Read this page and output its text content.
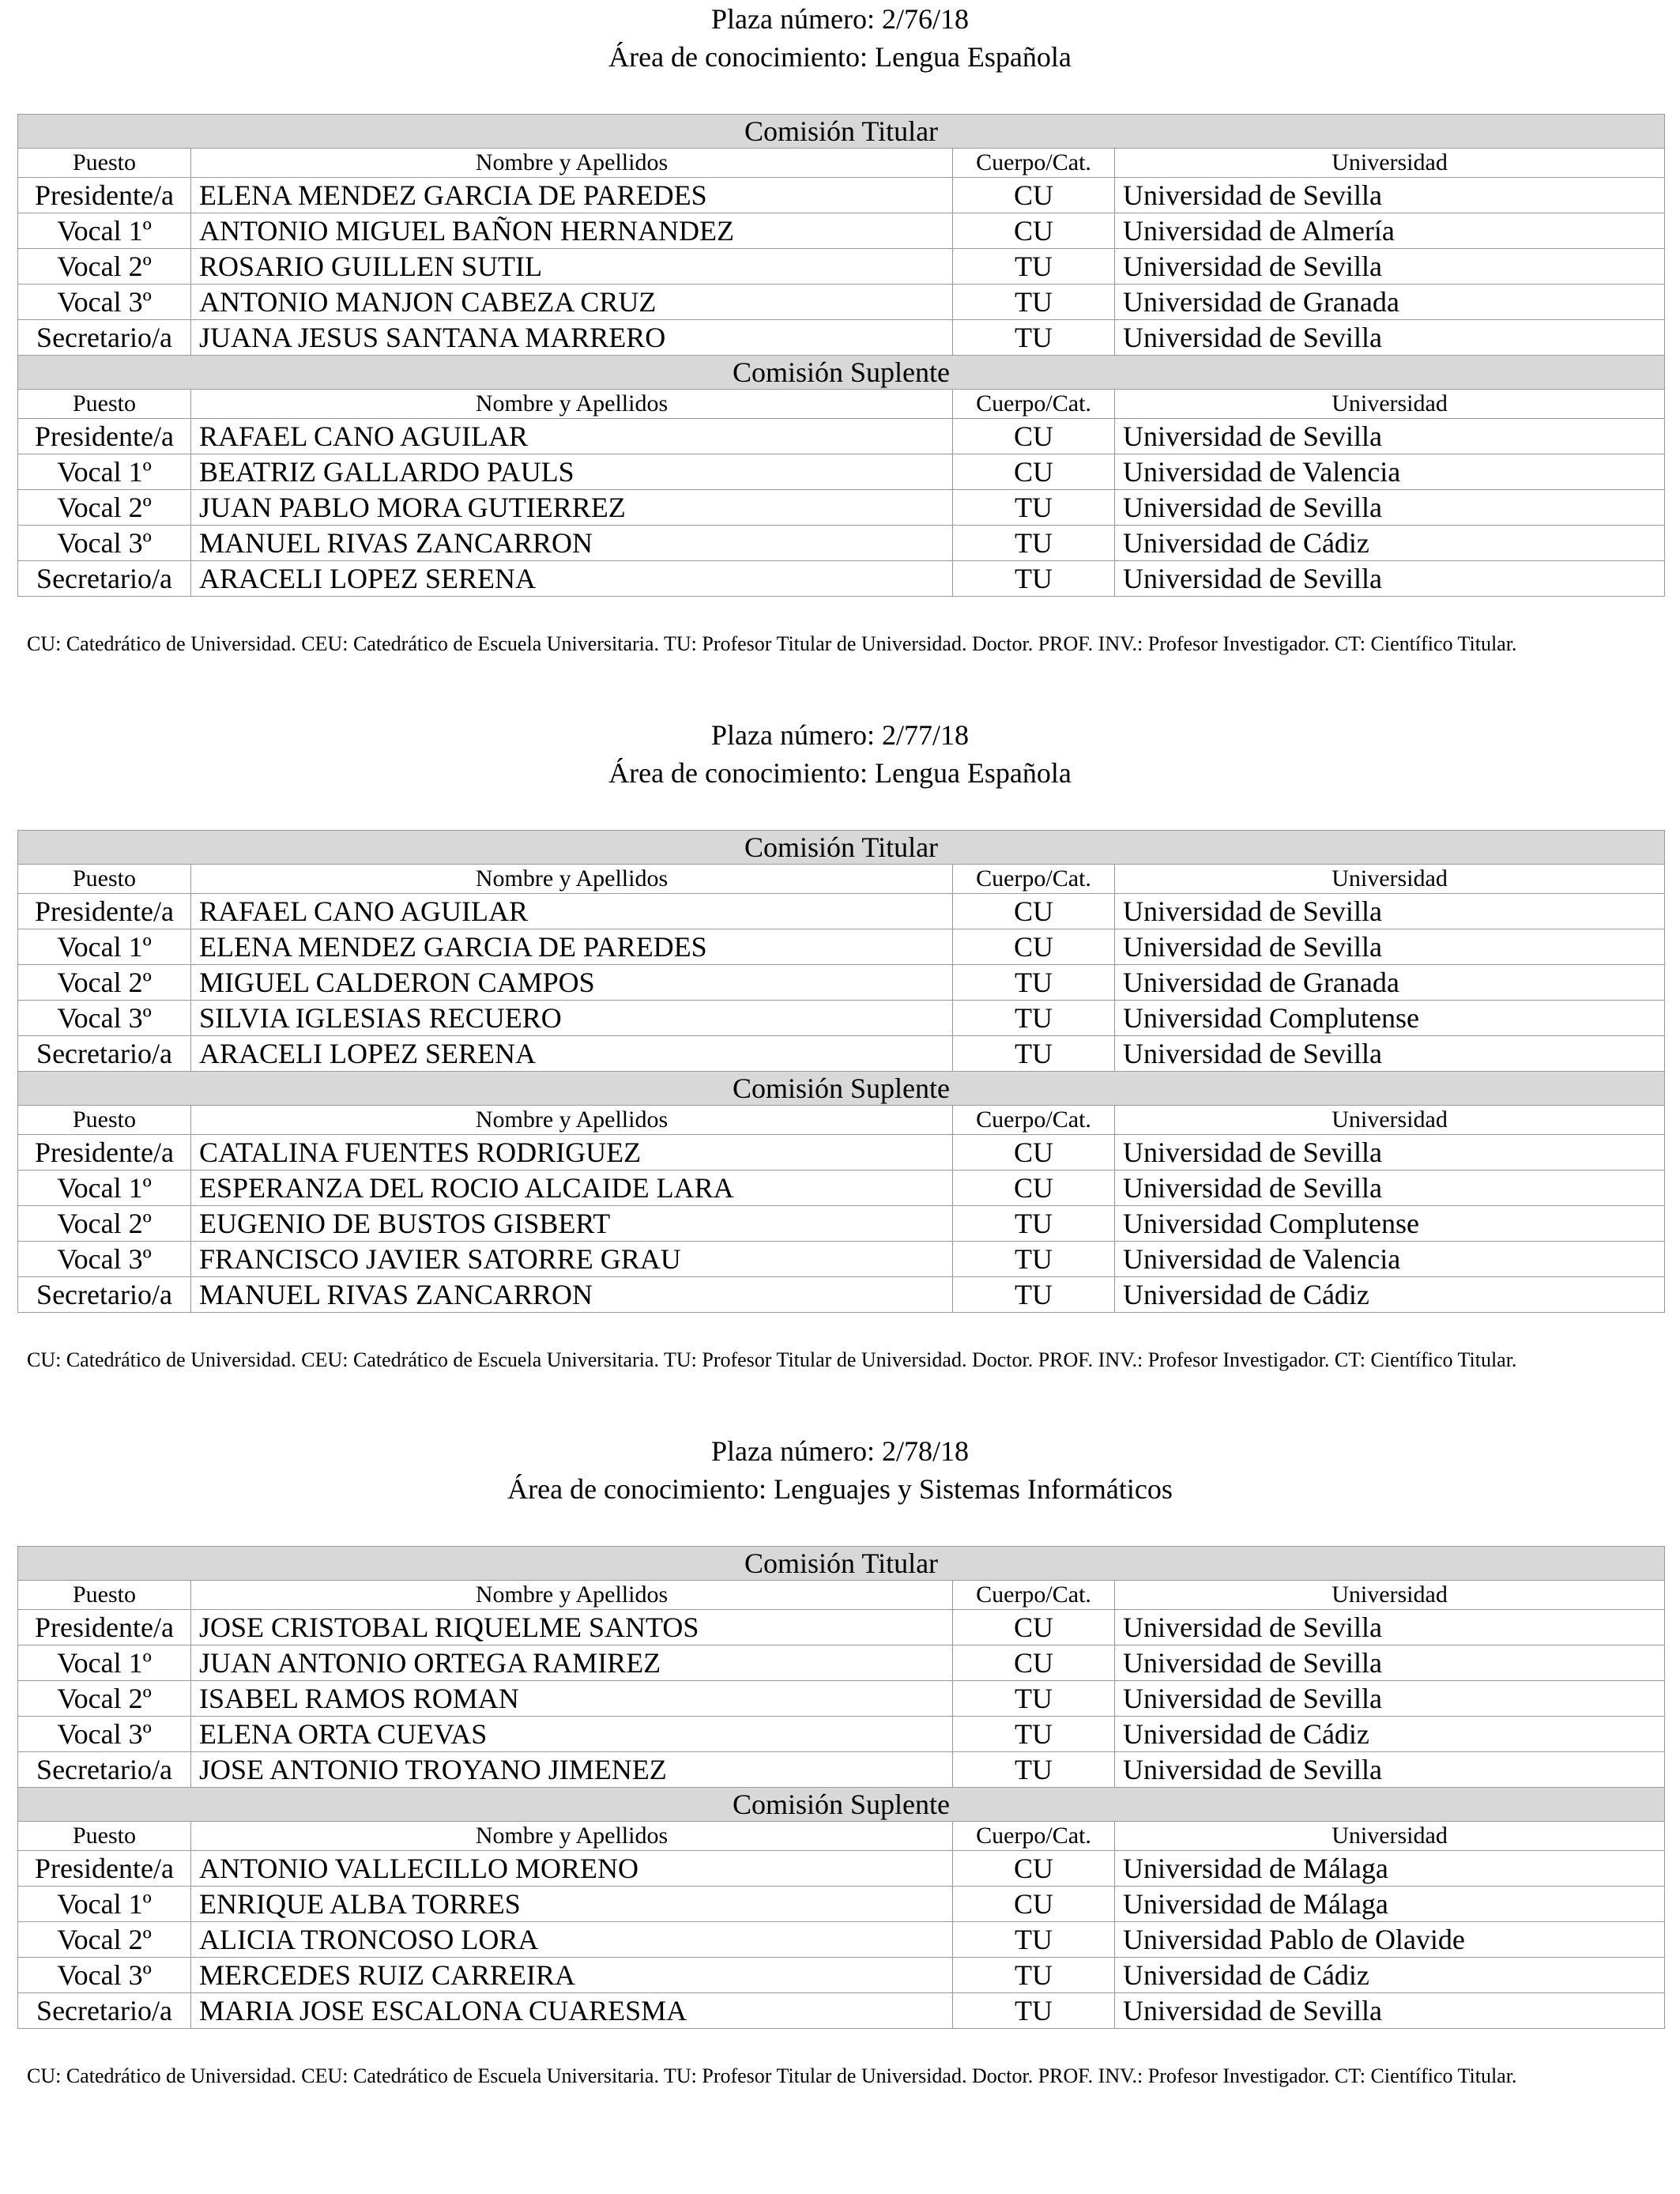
Plaza número: 2/76/18
Área de conocimiento: Lengua Española
Comisión Titular			
Puesto	Nombre y Apellidos	Cuerpo/Cat.	Universidad
Presidente/a	ELENA MENDEZ GARCIA DE PAREDES	CU	Universidad de Sevilla
Vocal 1º	ANTONIO MIGUEL BAÑON HERNANDEZ	CU	Universidad de Almería
Vocal 2º	ROSARIO GUILLEN SUTIL	TU	Universidad de Sevilla
Vocal 3º	ANTONIO MANJON CABEZA CRUZ	TU	Universidad de Granada
Secretario/a	JUANA JESUS SANTANA MARRERO	TU	Universidad de Sevilla
Comisión Suplente			
Puesto	Nombre y Apellidos	Cuerpo/Cat.	Universidad
Presidente/a	RAFAEL CANO AGUILAR	CU	Universidad de Sevilla
Vocal 1º	BEATRIZ GALLARDO PAULS	CU	Universidad de Valencia
Vocal 2º	JUAN PABLO MORA GUTIERREZ	TU	Universidad de Sevilla
Vocal 3º	MANUEL RIVAS ZANCARRON	TU	Universidad de Cádiz
Secretario/a	ARACELI LOPEZ SERENA	TU	Universidad de Sevilla
CU: Catedrático de Universidad. CEU: Catedrático de Escuela Universitaria. TU: Profesor Titular de Universidad. Doctor. PROF. INV.: Profesor Investigador. CT: Científico Titular.
Plaza número: 2/77/18
Área de conocimiento: Lengua Española
Comisión Titular			
Puesto	Nombre y Apellidos	Cuerpo/Cat.	Universidad
Presidente/a	RAFAEL CANO AGUILAR	CU	Universidad de Sevilla
Vocal 1º	ELENA MENDEZ GARCIA DE PAREDES	CU	Universidad de Sevilla
Vocal 2º	MIGUEL CALDERON CAMPOS	TU	Universidad de Granada
Vocal 3º	SILVIA IGLESIAS RECUERO	TU	Universidad Complutense
Secretario/a	ARACELI LOPEZ SERENA	TU	Universidad de Sevilla
Comisión Suplente			
Puesto	Nombre y Apellidos	Cuerpo/Cat.	Universidad
Presidente/a	CATALINA FUENTES RODRIGUEZ	CU	Universidad de Sevilla
Vocal 1º	ESPERANZA DEL ROCIO ALCAIDE LARA	CU	Universidad de Sevilla
Vocal 2º	EUGENIO DE BUSTOS GISBERT	TU	Universidad Complutense
Vocal 3º	FRANCISCO JAVIER SATORRE GRAU	TU	Universidad de Valencia
Secretario/a	MANUEL RIVAS ZANCARRON	TU	Universidad de Cádiz
CU: Catedrático de Universidad. CEU: Catedrático de Escuela Universitaria. TU: Profesor Titular de Universidad. Doctor. PROF. INV.: Profesor Investigador. CT: Científico Titular.
Plaza número: 2/78/18
Área de conocimiento: Lenguajes y Sistemas Informáticos
Comisión Titular			
Puesto	Nombre y Apellidos	Cuerpo/Cat.	Universidad
Presidente/a	JOSE CRISTOBAL RIQUELME SANTOS	CU	Universidad de Sevilla
Vocal 1º	JUAN ANTONIO ORTEGA RAMIREZ	CU	Universidad de Sevilla
Vocal 2º	ISABEL RAMOS ROMAN	TU	Universidad de Sevilla
Vocal 3º	ELENA ORTA CUEVAS	TU	Universidad de Cádiz
Secretario/a	JOSE ANTONIO TROYANO JIMENEZ	TU	Universidad de Sevilla
Comisión Suplente			
Puesto	Nombre y Apellidos	Cuerpo/Cat.	Universidad
Presidente/a	ANTONIO VALLECILLO MORENO	CU	Universidad de Málaga
Vocal 1º	ENRIQUE ALBA TORRES	CU	Universidad de Málaga
Vocal 2º	ALICIA TRONCOSO LORA	TU	Universidad Pablo de Olavide
Vocal 3º	MERCEDES RUIZ CARREIRA	TU	Universidad de Cádiz
Secretario/a	MARIA JOSE ESCALONA CUARESMA	TU	Universidad de Sevilla
CU: Catedrático de Universidad. CEU: Catedrático de Escuela Universitaria. TU: Profesor Titular de Universidad. Doctor. PROF. INV.: Profesor Investigador. CT: Científico Titular.
